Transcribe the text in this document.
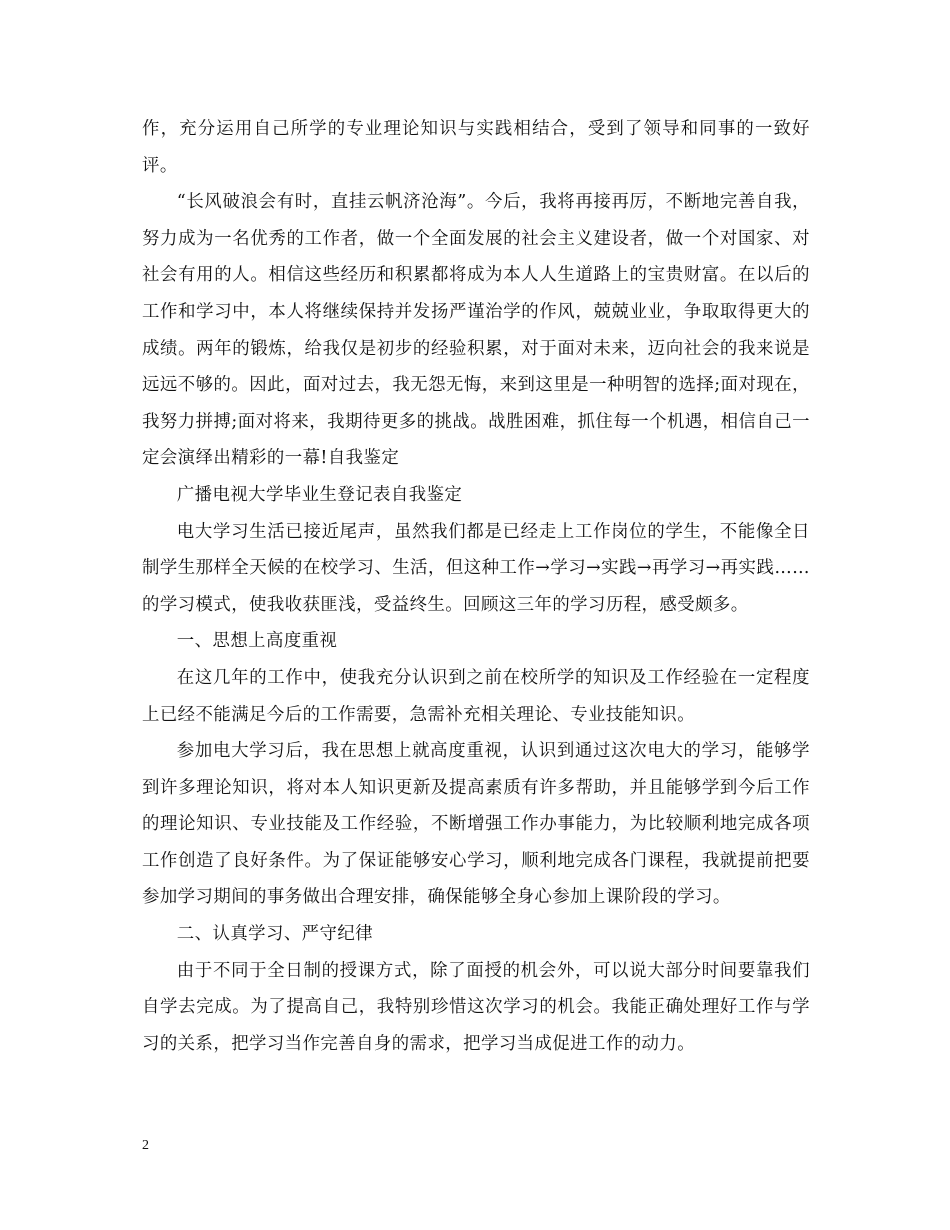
作，充分运用自己所学的专业理论知识与实践相结合，受到了领导和同事的一致好评。

“长风破浪会有时，直挂云帆济沧海”。今后，我将再接再厉，不断地完善自我，努力成为一名优秀的工作者，做一个全面发展的社会主义建设者，做一个对国家、对社会有用的人。相信这些经历和积累都将成为本人人生道路上的宝贵财富。在以后的工作和学习中，本人将继续保持并发扬严谨治学的作风，兢兢业业，争取取得更大的成绩。两年的锻炼，给我仅是初步的经验积累，对于面对未来，迈向社会的我来说是远远不够的。因此，面对过去，我无怨无悔，来到这里是一种明智的选择;面对现在，我努力拼搏;面对将来，我期待更多的挑战。战胜困难，抓住每一个机遇，相信自己一定会演绎出精彩的一幕!自我鉴定

广播电视大学毕业生登记表自我鉴定

电大学习生活已接近尾声，虽然我们都是已经走上工作岗位的学生，不能像全日制学生那样全天候的在校学习、生活，但这种工作→学习→实践→再学习→再实践……的学习模式，使我收获匪浅，受益终生。回顾这三年的学习历程，感受颇多。

一、思想上高度重视

在这几年的工作中，使我充分认识到之前在校所学的知识及工作经验在一定程度上已经不能满足今后的工作需要，急需补充相关理论、专业技能知识。

参加电大学习后，我在思想上就高度重视，认识到通过这次电大的学习，能够学到许多理论知识，将对本人知识更新及提高素质有许多帮助，并且能够学到今后工作的理论知识、专业技能及工作经验，不断增强工作办事能力，为比较顺利地完成各项工作创造了良好条件。为了保证能够安心学习，顺利地完成各门课程，我就提前把要参加学习期间的事务做出合理安排，确保能够全身心参加上课阶段的学习。

二、认真学习、严守纪律

由于不同于全日制的授课方式，除了面授的机会外，可以说大部分时间要靠我们自学去完成。为了提高自己，我特别珍惜这次学习的机会。我能正确处理好工作与学习的关系，把学习当作完善自身的需求，把学习当成促进工作的动力。

2
